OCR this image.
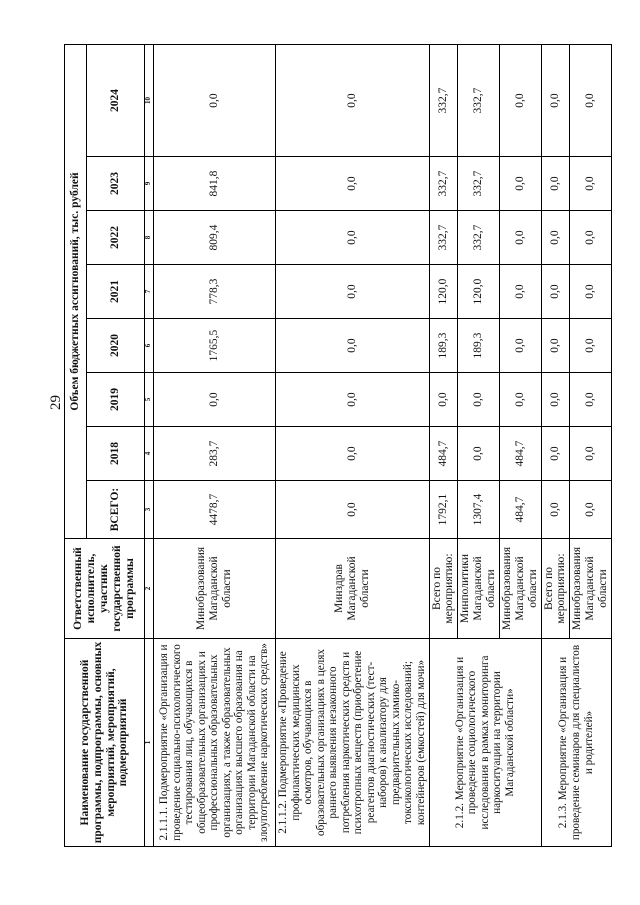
29
Наименование государственной программы, подпрограммы, основных мероприятий, мероприятий, подмероприятий	Ответственный исполнитель, участник государственной программы	Объем бюджетных ассигнований, тыс. рублей							
		ВСЕГО:	2018	2019	2020	2021	2022	2023	2024
1	2	3	4	5	6	7	8	9	10
2.1.1.1. Подмероприятие «Организация и проведение социально-психологического тестирования лиц, обучающихся в общеобразовательных организациях и профессиональных образовательных организациях, а также образовательных организациях высшего образования на территории Магаданской области на злоупотребление наркотических средств»	Минобразования Магаданской области	4478,7	283,7	0,0	1765,5	778,3	809,4	841,8	0,0
2.1.1.2. Подмероприятие «Проведение профилактических медицинских осмотров, обучающихся в образовательных организациях в целях раннего выявления незаконного потребления наркотических средств и психотропных веществ (приобретение реагентов диагностических (тест-наборов) к анализатору для предварительных химико-токсикологических исследований; контейнеров (емкостей) для мочи»	Минздрав Магаданской области	0,0	0,0	0,0	0,0	0,0	0,0	0,0	0,0
2.1.2. Мероприятие «Организация и проведение социологического исследования в рамках мониторинга наркоситуации на территории Магаданской области»	Всего по мероприятию:	1792,1	484,7	0,0	189,3	120,0	332,7	332,7	332,7
	Минполитики Магаданской области	1307,4	0,0	0,0	189,3	120,0	332,7	332,7	332,7
	Минобразования Магаданской области	484,7	484,7	0,0	0,0	0,0	0,0	0,0	0,0
2.1.3. Мероприятие «Организация и проведение семинаров для специалистов и родителей»	Всего по мероприятию:	0,0	0,0	0,0	0,0	0,0	0,0	0,0	0,0
	Минобразования Магаданской области	0,0	0,0	0,0	0,0	0,0	0,0	0,0	0,0
